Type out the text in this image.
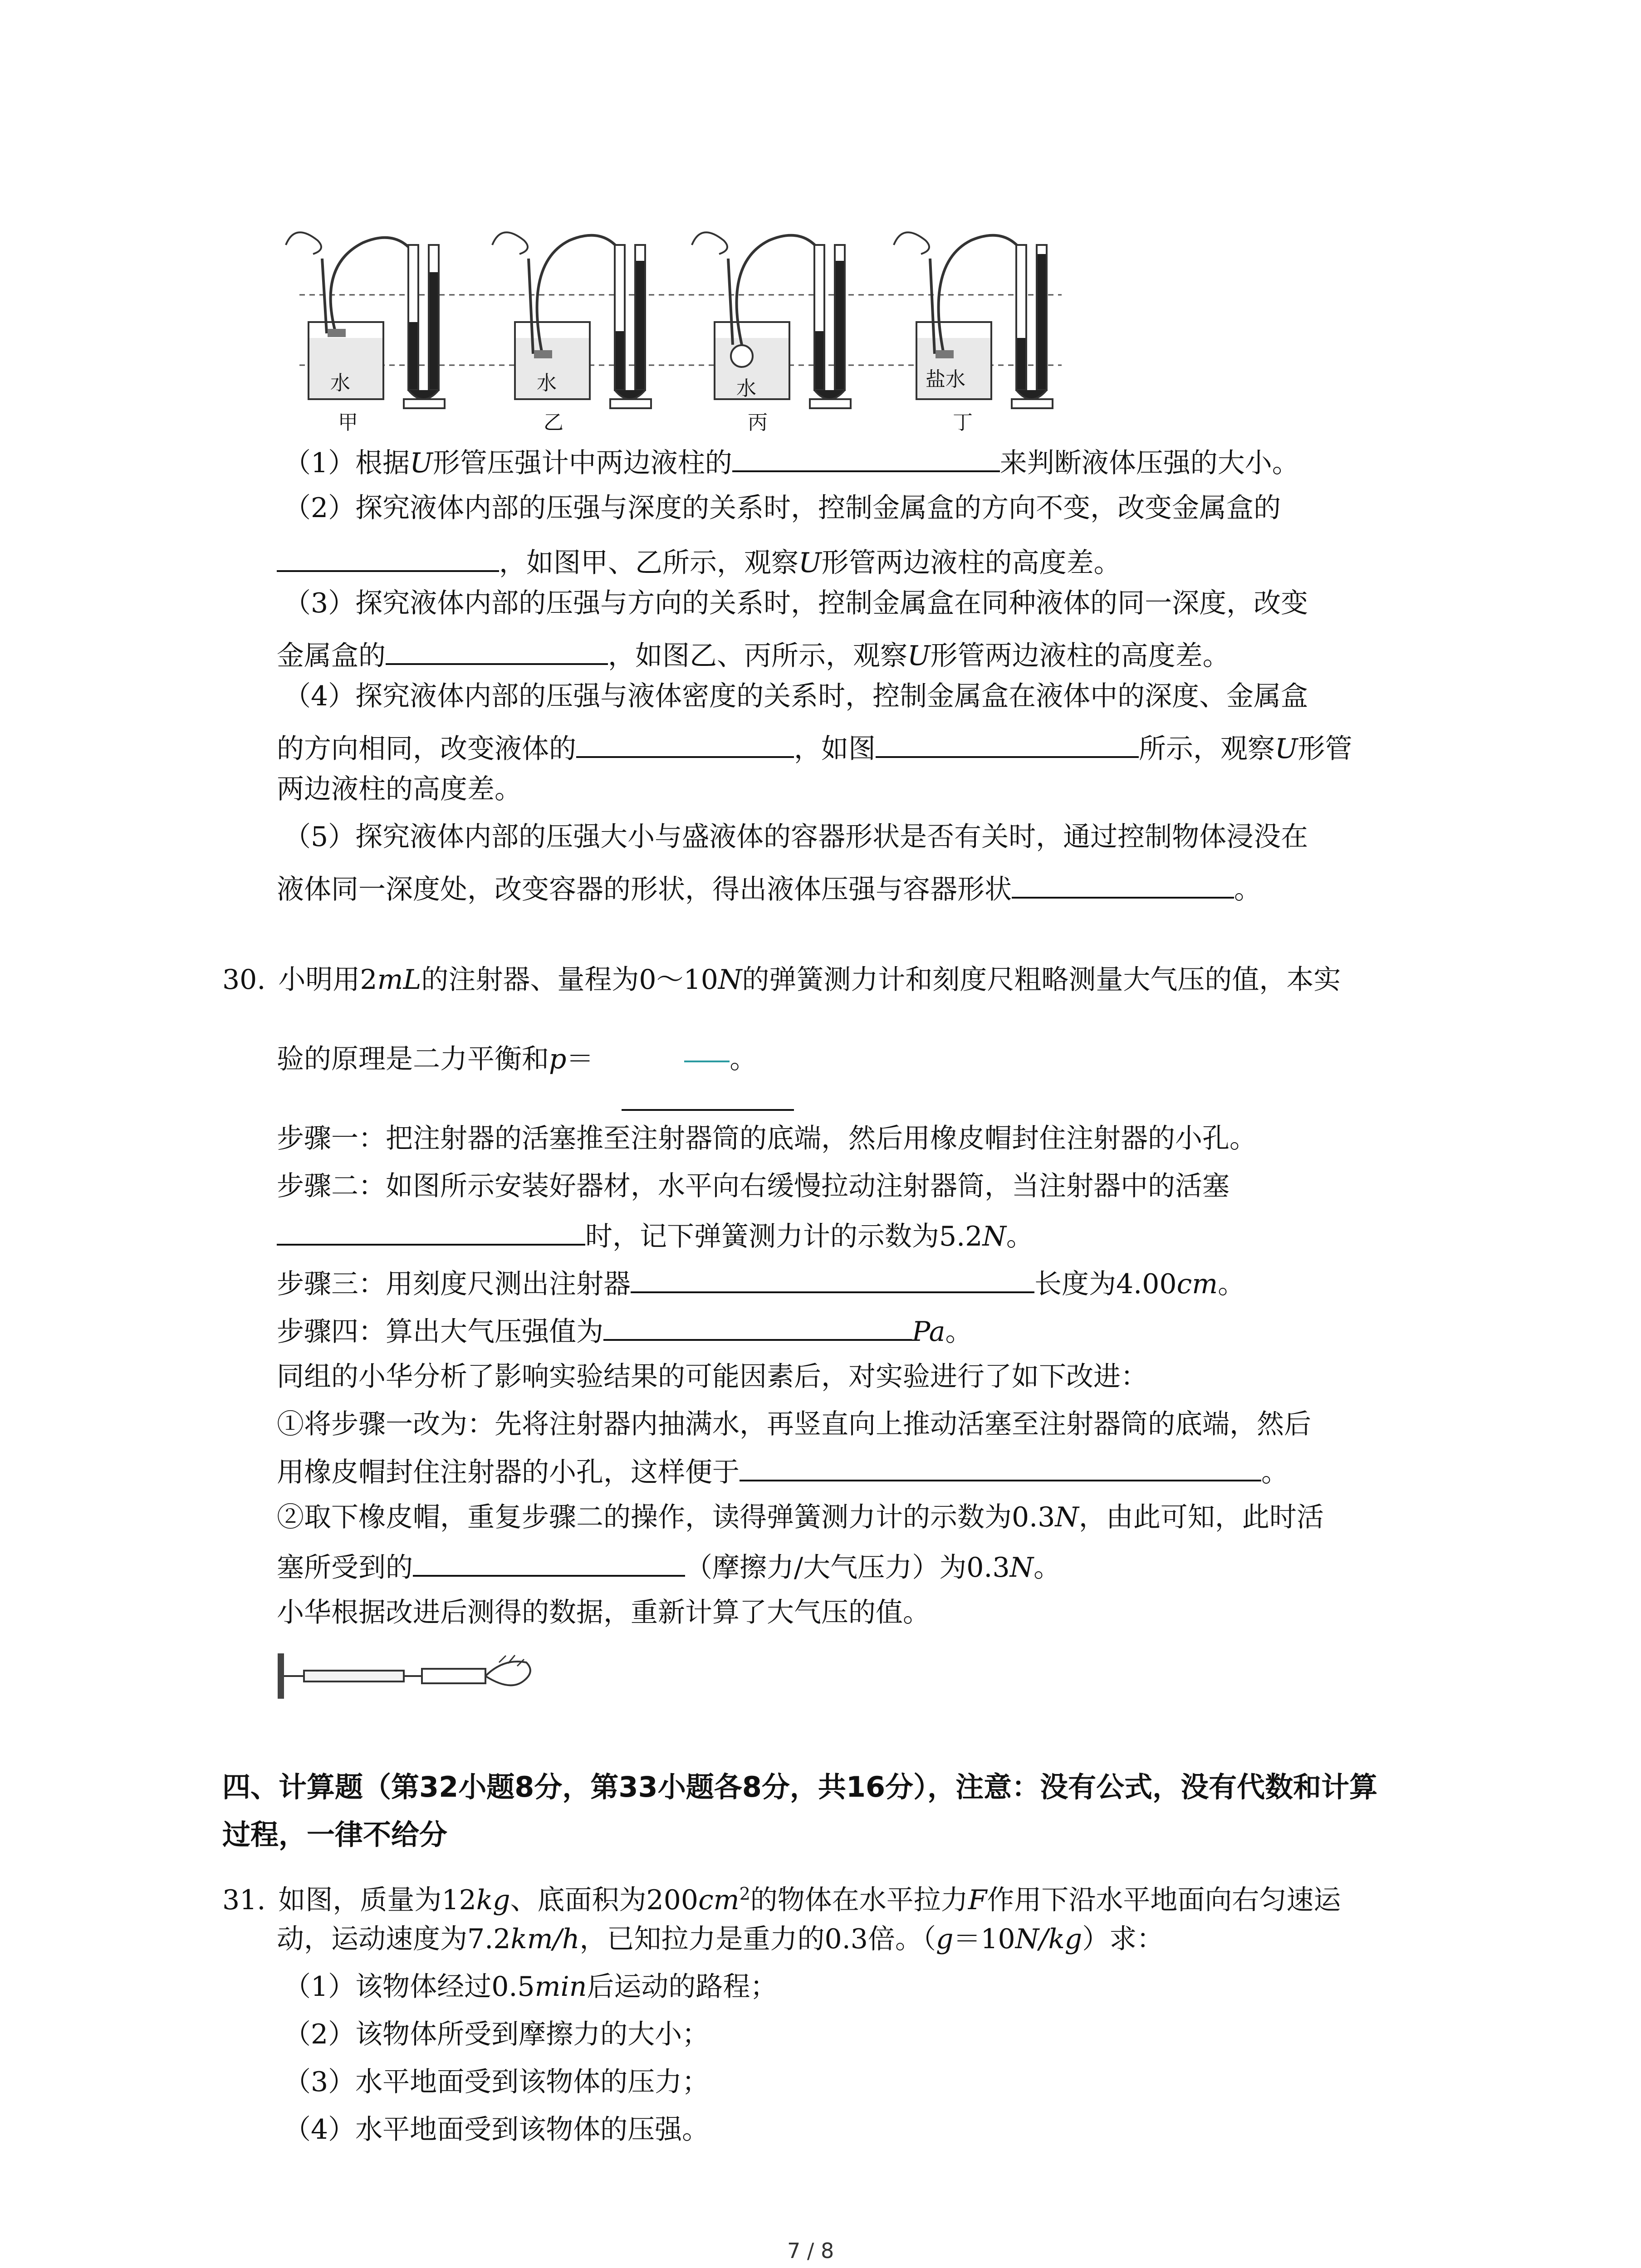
水	水	水	盐水
甲	乙	丙	丁
（1）根据U形管压强计中两边液柱的	来判断液体压强的大小。
（2）探究液体内部的压强与深度的关系时，控制金属盒的方向不变，改变金属盒的
，如图甲、乙所示，观察U形管两边液柱的高度差。
（3）探究液体内部的压强与方向的关系时，控制金属盒在同种液体的同一深度，改变
金属盒的	，如图乙、丙所示，观察U形管两边液柱的高度差。
（4）探究液体内部的压强与液体密度的关系时，控制金属盒在液体中的深度、金属盒
的方向相同，改变液体的	，如图	所示，观察U形管
两边液柱的高度差。
（5）探究液体内部的压强大小与盛液体的容器形状是否有关时，通过控制物体浸没在
液体同一深度处，改变容器的形状，得出液体压强与容器形状	。
30. 小明用2mL的注射器、量程为0～10N的弹簧测力计和刻度尺粗略测量大气压的值，本实
验的原理是二力平衡和p＝	。
步骤一：把注射器的活塞推至注射器筒的底端，然后用橡皮帽封住注射器的小孔。
步骤二：如图所示安装好器材，水平向右缓慢拉动注射器筒，当注射器中的活塞
时，记下弹簧测力计的示数为5.2N。
步骤三：用刻度尺测出注射器	长度为4.00cm。
步骤四：算出大气压强值为	Pa。
同组的小华分析了影响实验结果的可能因素后，对实验进行了如下改进：
①将步骤一改为：先将注射器内抽满水，再竖直向上推动活塞至注射器筒的底端，然后
用橡皮帽封住注射器的小孔，这样便于	。
②取下橡皮帽，重复步骤二的操作，读得弹簧测力计的示数为0.3N，由此可知，此时活
塞所受到的	（摩擦力/大气压力）为0.3N。
小华根据改进后测得的数据，重新计算了大气压的值。
四、计算题（第32小题8分，第33小题各8分，共16分），注意：没有公式，没有代数和计算
过程，一律不给分
31. 如图，质量为12kg、底面积为$200cm^2$的物体在水平拉力F作用下沿水平地面向右匀速运
动，运动速度为7.2km/h，已知拉力是重力的0.3倍。（g＝10N/kg）求：
（1）该物体经过0.5min后运动的路程；
（2）该物体所受到摩擦力的大小；
（3）水平地面受到该物体的压力；
（4）水平地面受到该物体的压强。
7 / 8
